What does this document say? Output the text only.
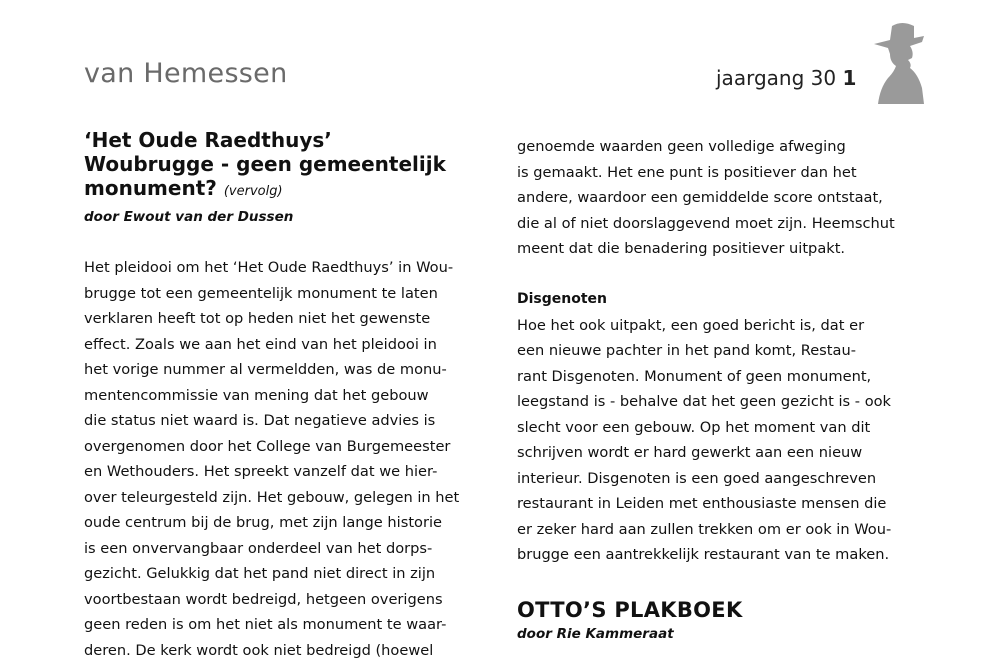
van Hemessen	jaargang 30 1
‘Het Oude Raedthuys’
Woubrugge - geen gemeentelijk
monument? (vervolg)
door Ewout van der Dussen
Het pleidooi om het ‘Het Oude Raedthuys’ in Wou-
brugge tot een gemeentelijk monument te laten
verklaren heeft tot op heden niet het gewenste
effect. Zoals we aan het eind van het pleidooi in
het vorige nummer al vermeldden, was de monu-
mentencommissie van mening dat het gebouw
die status niet waard is. Dat negatieve advies is
overgenomen door het College van Burgemeester
en Wethouders. Het spreekt vanzelf dat we hier-
over teleurgesteld zijn. Het gebouw, gelegen in het
oude centrum bij de brug, met zijn lange historie
is een onvervangbaar onderdeel van het dorps-
gezicht. Gelukkig dat het pand niet direct in zijn
voortbestaan wordt bedreigd, hetgeen overigens
geen reden is om het niet als monument te waar-
deren. De kerk wordt ook niet bedreigd (hoewel
genoemde waarden geen volledige afweging
is gemaakt. Het ene punt is positiever dan het
andere, waardoor een gemiddelde score ontstaat,
die al of niet doorslaggevend moet zijn. Heemschut
meent dat die benadering positiever uitpakt.
Disgenoten
Hoe het ook uitpakt, een goed bericht is, dat er
een nieuwe pachter in het pand komt, Restau-
rant Disgenoten. Monument of geen monument,
leegstand is - behalve dat het geen gezicht is - ook
slecht voor een gebouw. Op het moment van dit
schrijven wordt er hard gewerkt aan een nieuw
interieur. Disgenoten is een goed aangeschreven
restaurant in Leiden met enthousiaste mensen die
er zeker hard aan zullen trekken om er ook in Wou-
brugge een aantrekkelijk restaurant van te maken.
OTTO’S PLAKBOEK
door Rie Kammeraat
